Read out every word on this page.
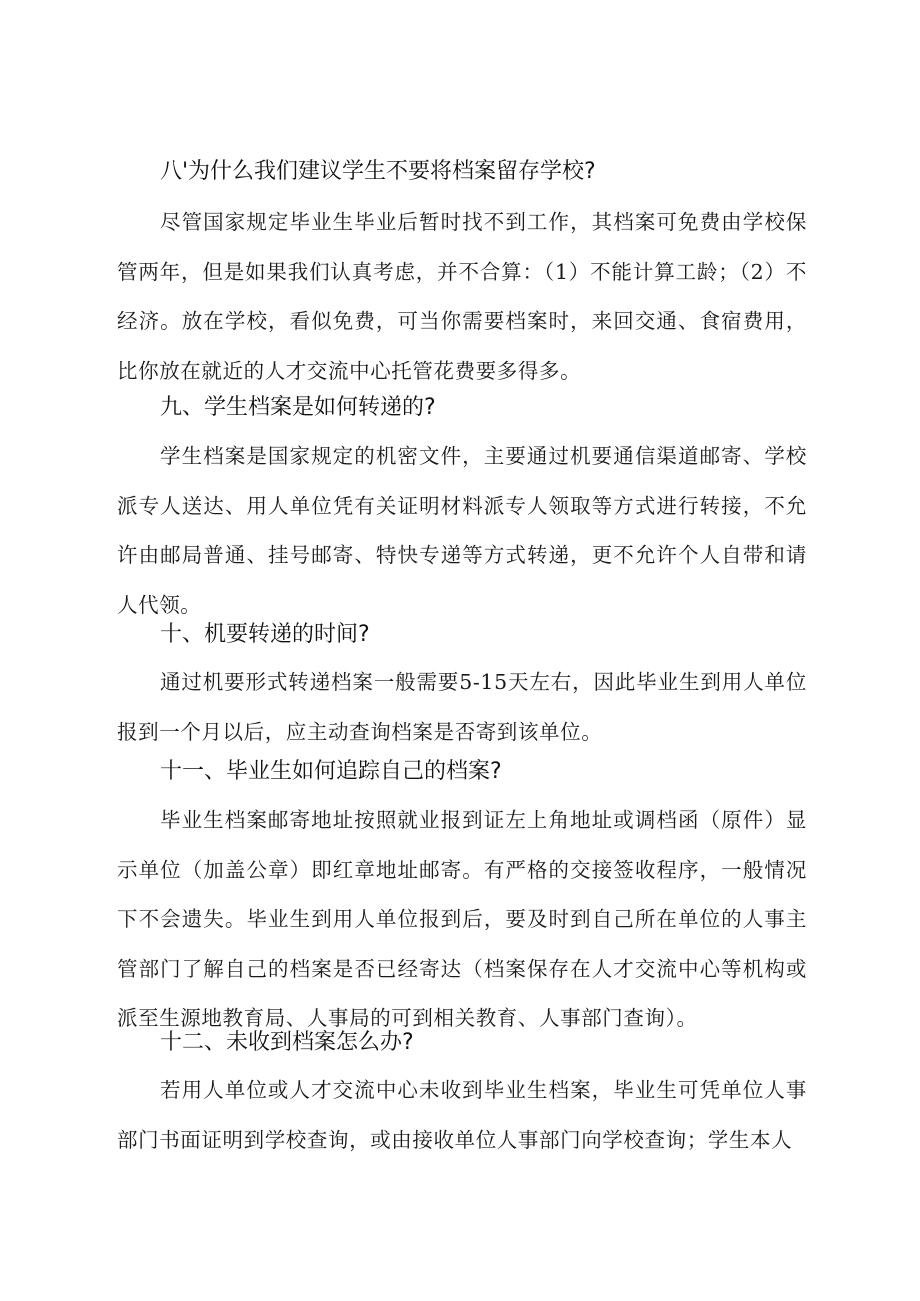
八'为什么我们建议学生不要将档案留存学校?
尽管国家规定毕业生毕业后暂时找不到工作，其档案可免费由学校保管两年，但是如果我们认真考虑，并不合算：（1）不能计算工龄；（2）不经济。放在学校，看似免费，可当你需要档案时，来回交通、食宿费用，比你放在就近的人才交流中心托管花费要多得多。
九、学生档案是如何转递的?
学生档案是国家规定的机密文件，主要通过机要通信渠道邮寄、学校派专人送达、用人单位凭有关证明材料派专人领取等方式进行转接，不允许由邮局普通、挂号邮寄、特快专递等方式转递，更不允许个人自带和请人代领。
十、机要转递的时间?
通过机要形式转递档案一般需要5-15天左右，因此毕业生到用人单位报到一个月以后，应主动查询档案是否寄到该单位。
十一、毕业生如何追踪自己的档案?
毕业生档案邮寄地址按照就业报到证左上角地址或调档函（原件）显示单位（加盖公章）即红章地址邮寄。有严格的交接签收程序，一般情况下不会遗失。毕业生到用人单位报到后，要及时到自己所在单位的人事主管部门了解自己的档案是否已经寄达（档案保存在人才交流中心等机构或派至生源地教育局、人事局的可到相关教育、人事部门查询）。
十二、未收到档案怎么办?
若用人单位或人才交流中心未收到毕业生档案，毕业生可凭单位人事部门书面证明到学校查询，或由接收单位人事部门向学校查询；学生本人
